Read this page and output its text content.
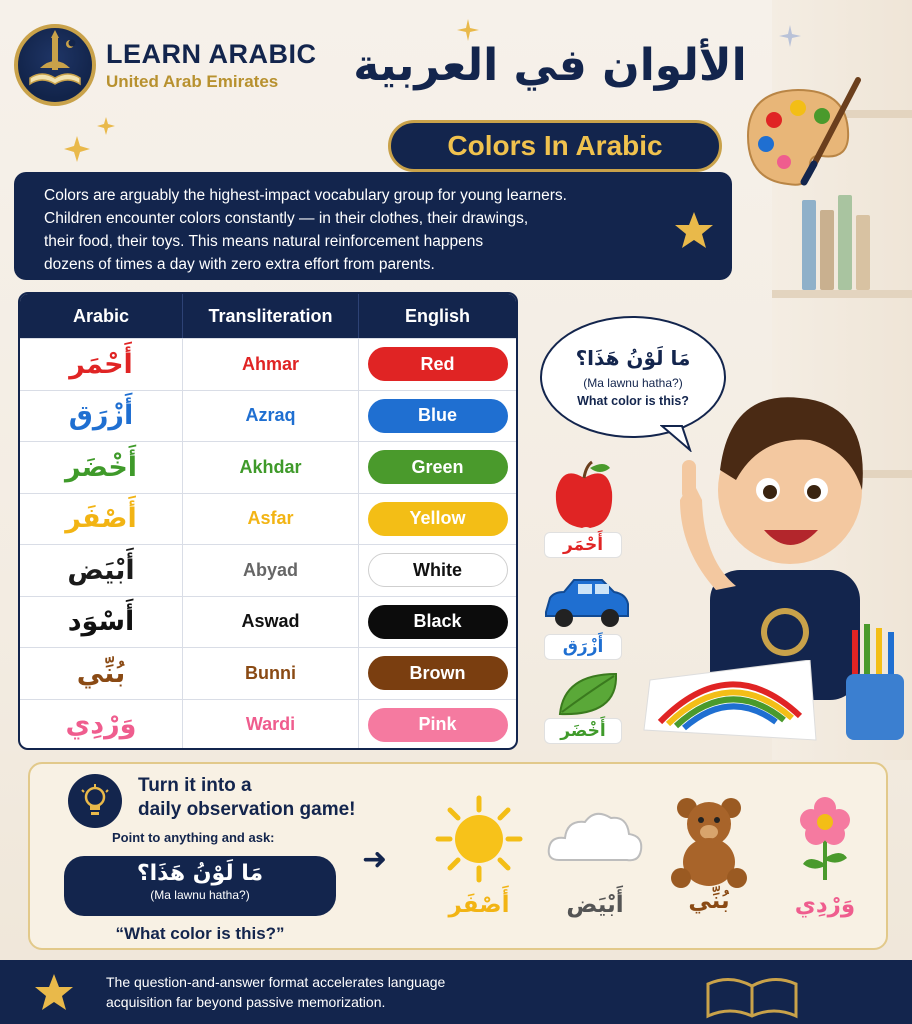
LEARN ARABIC
United Arab Emirates	الألوان في العربية
Colors In Arabic
Colors are arguably the highest-impact vocabulary group for young learners.
Children encounter colors constantly — in their clothes, their drawings,
their food, their toys. This means natural reinforcement happens
dozens of times a day with zero extra effort from parents.
Arabic	Transliteration	English
أَحْمَر	Ahmar	Red
أَزْرَق	Azraq	Blue
أَخْضَر	Akhdar	Green
أَصْفَر	Asfar	Yellow
أَبْيَض	Abyad	White
أَسْوَد	Aswad	Black
بُنِّي	Bunni	Brown
وَرْدِي	Wardi	Pink
مَا لَوْنُ هَذَا؟
(Ma lawnu hatha?)
What color is this?
أَحْمَر
أَزْرَق
أَخْضَر
Turn it into a
daily observation game!
Point to anything and ask:
مَا لَوْنُ هَذَا؟
(Ma lawnu hatha?)
“What color is this?”
➜
أَصْفَر	أَبْيَض	بُنِّي	وَرْدِي
The question-and-answer format accelerates language
acquisition far beyond passive memorization.
